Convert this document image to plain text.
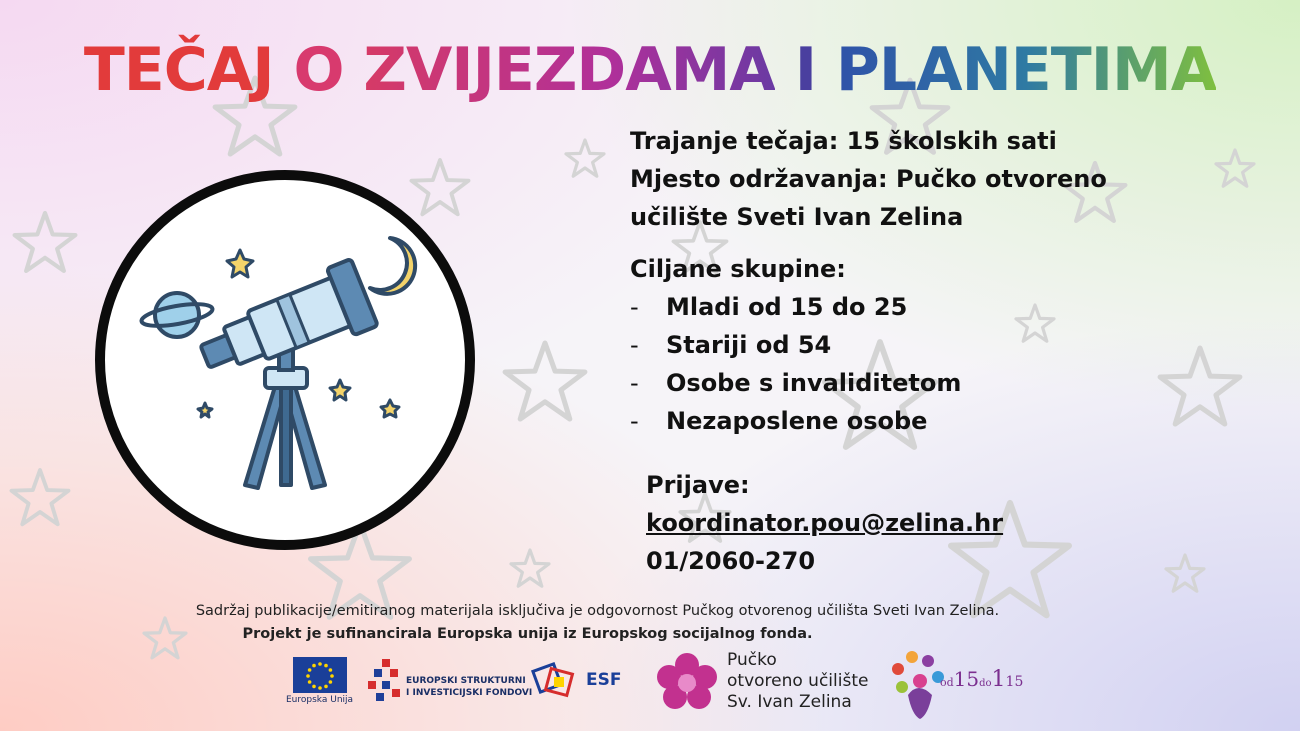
TEČAJ O ZVIJEZDAMA I PLANETIMA
Trajanje tečaja: 15 školskih sati
Mjesto održavanja: Pučko otvoreno
učilište Sveti Ivan Zelina
Ciljane skupine:
-	Mladi od 15 do 25
-	Stariji od 54
-	Osobe s invaliditetom
-	Nezaposlene osobe
Prijave:
koordinator.pou@zelina.hr
01/2060-270
Sadržaj publikacije/emitiranog materijala isključiva je odgovornost Pučkog otvorenog učilišta Sveti Ivan Zelina.
Projekt je sufinancirala Europska unija iz Europskog socijalnog fonda.
Europska Unija
EUROPSKI STRUKTURNI
I INVESTICIJSKI FONDOVI
ESF
Pučko
otvoreno učilište
Sv. Ivan Zelina
od15do115
